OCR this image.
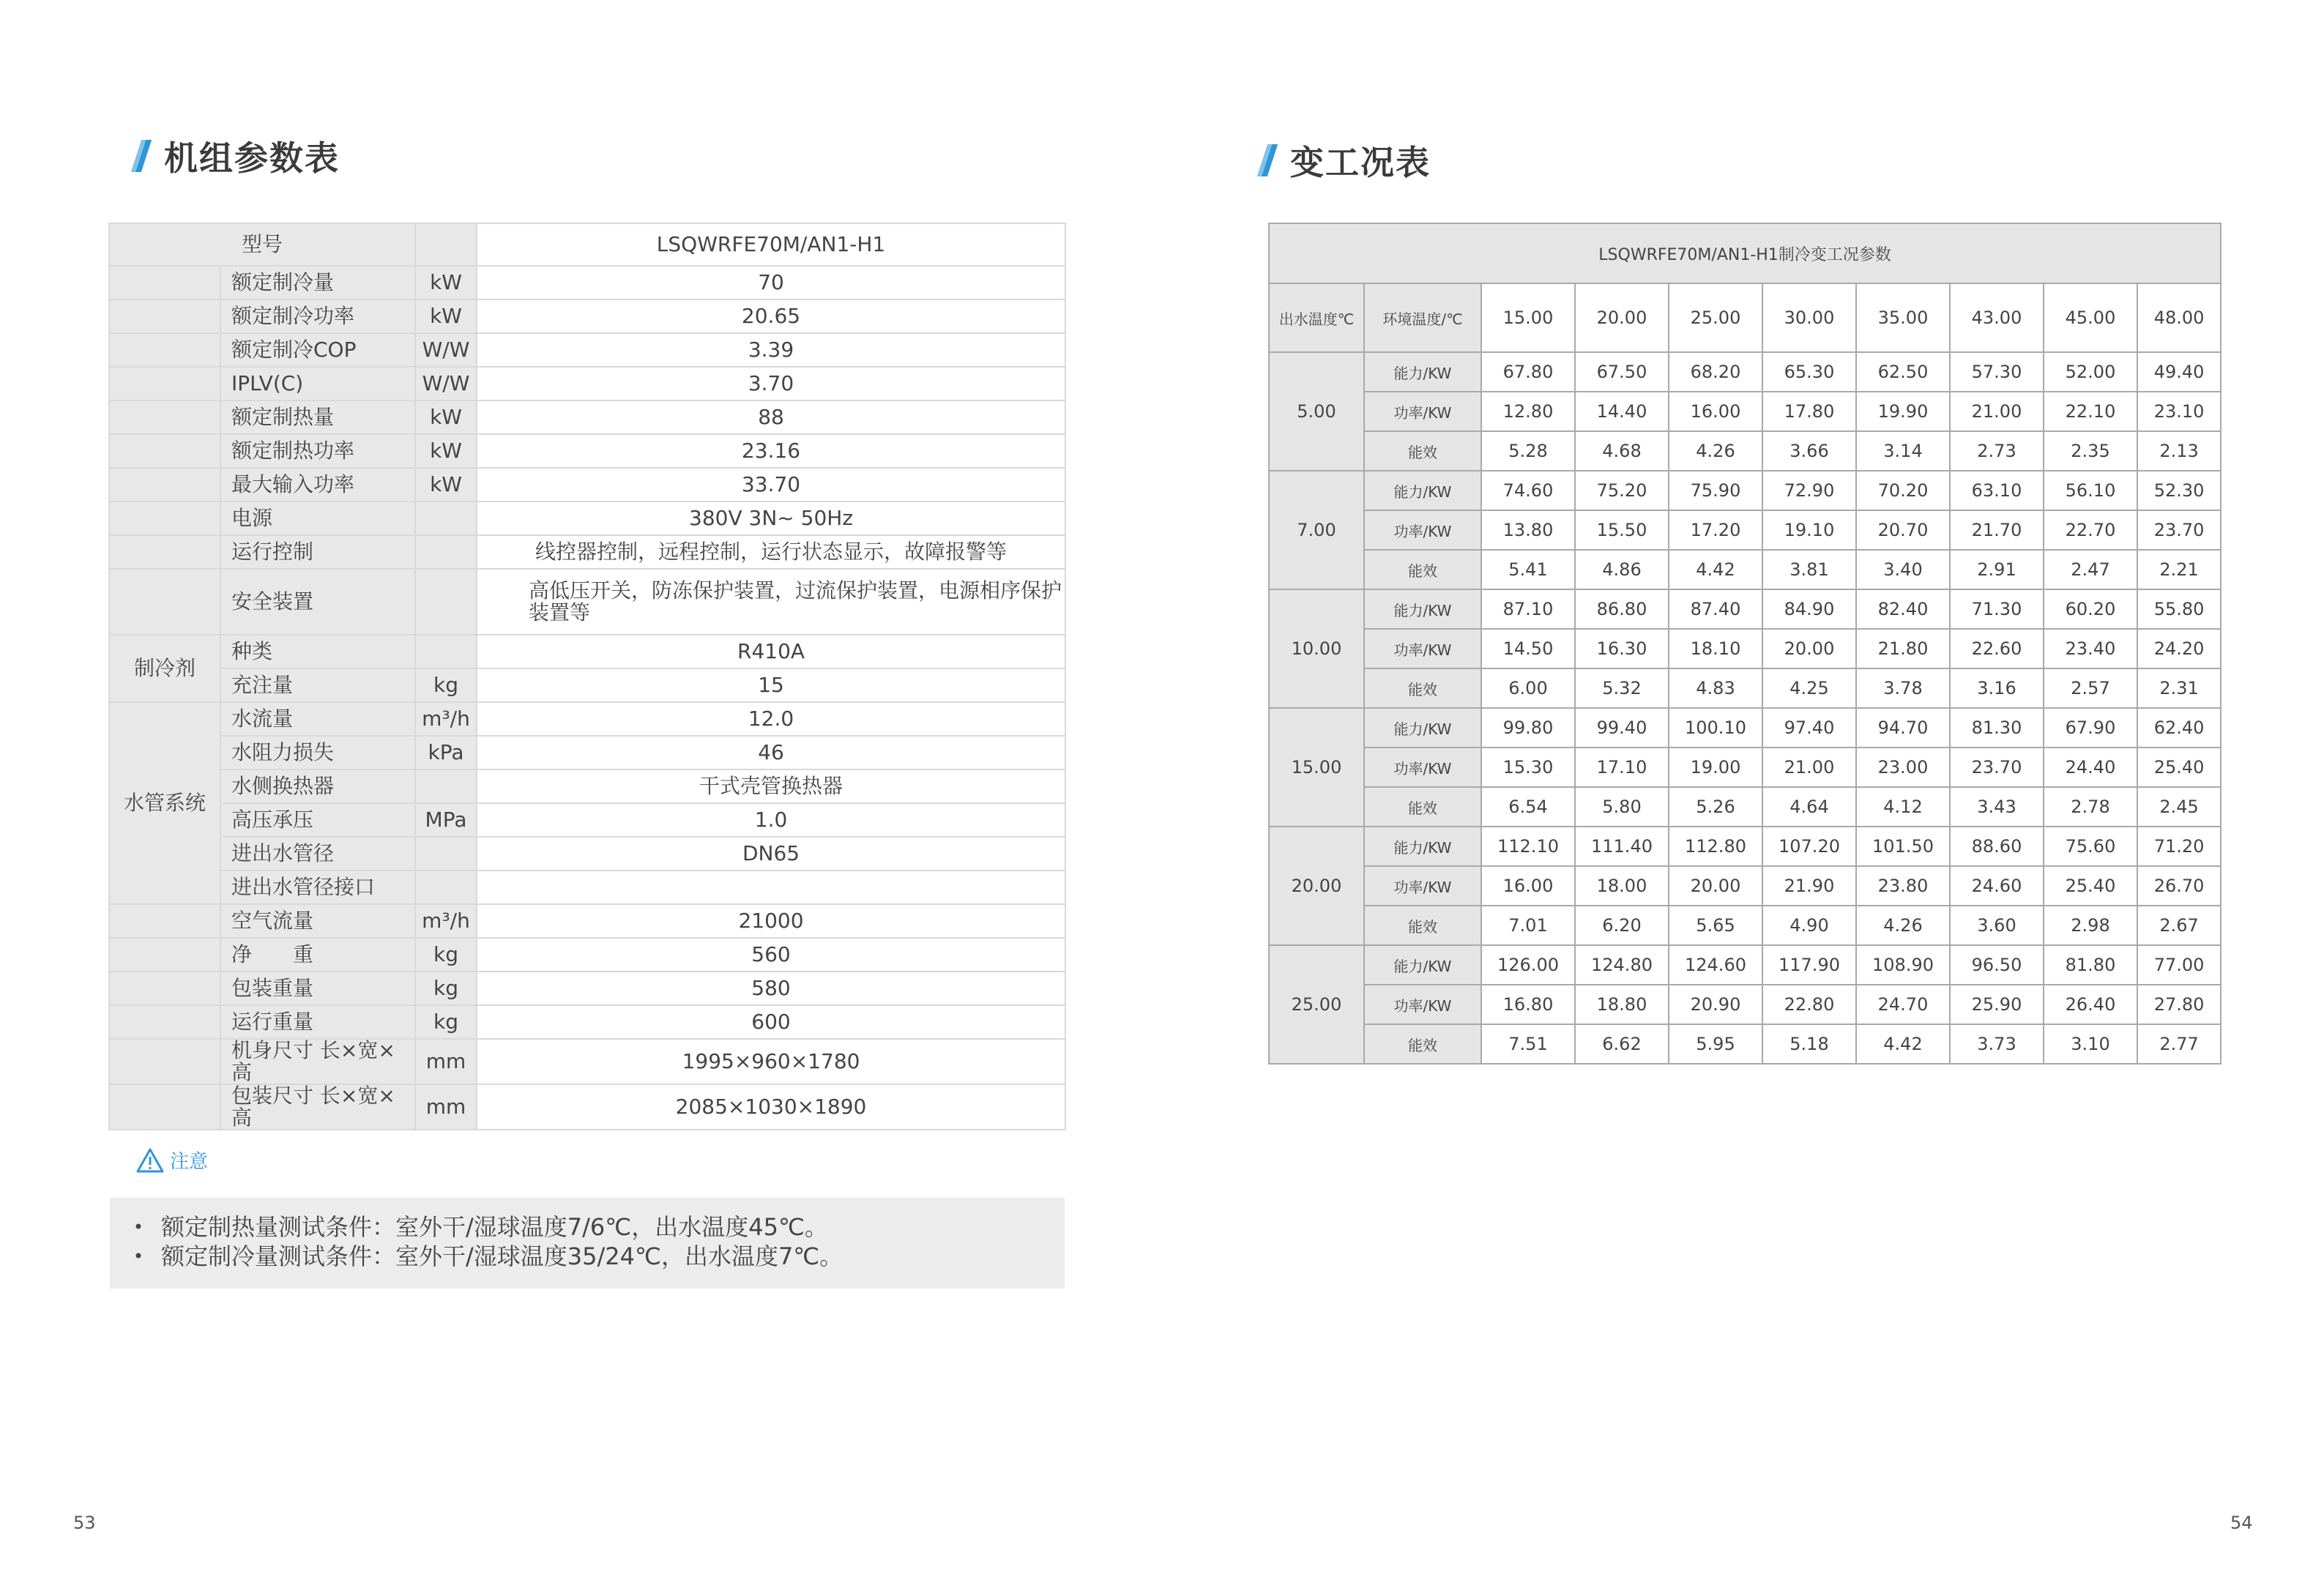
机组参数表
型号			LSQWRFE70M/AN1-H1
	额定制冷量	kW	70
	额定制冷功率	kW	20.65
	额定制冷COP	W/W	3.39
	IPLV(C)	W/W	3.70
	额定制热量	kW	88
	额定制热功率	kW	23.16
	最大输入功率	kW	33.70
	电源		380V 3N~ 50Hz
	运行控制		线控器控制，远程控制，运行状态显示，故障报警等
	安全装置		高低压开关，防冻保护装置，过流保护装置，电源相序保护装置等
制冷剂	种类		R410A
	充注量	kg	15
水管系统	水流量	m³/h	12.0
	水阻力损失	kPa	46
	水侧换热器		干式壳管换热器
	高压承压	MPa	1.0
	进出水管径		DN65
	进出水管径接口		
	空气流量	m³/h	21000
	净　　重	kg	560
	包装重量	kg	580
	运行重量	kg	600
	机身尺寸 长×宽×高	mm	1995×960×1780
	包装尺寸 长×宽×高	mm	2085×1030×1890
注意
• 额定制热量测试条件：室外干/湿球温度7/6℃，出水温度45℃。
• 额定制冷量测试条件：室外干/湿球温度35/24℃，出水温度7℃。
变工况表
LSQWRFE70M/AN1-H1制冷变工况参数									
出水温度℃	环境温度/℃	15.00	20.00	25.00	30.00	35.00	43.00	45.00	48.00
5.00	能力/KW	67.80	67.50	68.20	65.30	62.50	57.30	52.00	49.40
	功率/KW	12.80	14.40	16.00	17.80	19.90	21.00	22.10	23.10
	能效	5.28	4.68	4.26	3.66	3.14	2.73	2.35	2.13
7.00	能力/KW	74.60	75.20	75.90	72.90	70.20	63.10	56.10	52.30
	功率/KW	13.80	15.50	17.20	19.10	20.70	21.70	22.70	23.70
	能效	5.41	4.86	4.42	3.81	3.40	2.91	2.47	2.21
10.00	能力/KW	87.10	86.80	87.40	84.90	82.40	71.30	60.20	55.80
	功率/KW	14.50	16.30	18.10	20.00	21.80	22.60	23.40	24.20
	能效	6.00	5.32	4.83	4.25	3.78	3.16	2.57	2.31
15.00	能力/KW	99.80	99.40	100.10	97.40	94.70	81.30	67.90	62.40
	功率/KW	15.30	17.10	19.00	21.00	23.00	23.70	24.40	25.40
	能效	6.54	5.80	5.26	4.64	4.12	3.43	2.78	2.45
20.00	能力/KW	112.10	111.40	112.80	107.20	101.50	88.60	75.60	71.20
	功率/KW	16.00	18.00	20.00	21.90	23.80	24.60	25.40	26.70
	能效	7.01	6.20	5.65	4.90	4.26	3.60	2.98	2.67
25.00	能力/KW	126.00	124.80	124.60	117.90	108.90	96.50	81.80	77.00
	功率/KW	16.80	18.80	20.90	22.80	24.70	25.90	26.40	27.80
	能效	7.51	6.62	5.95	5.18	4.42	3.73	3.10	2.77
53	54
